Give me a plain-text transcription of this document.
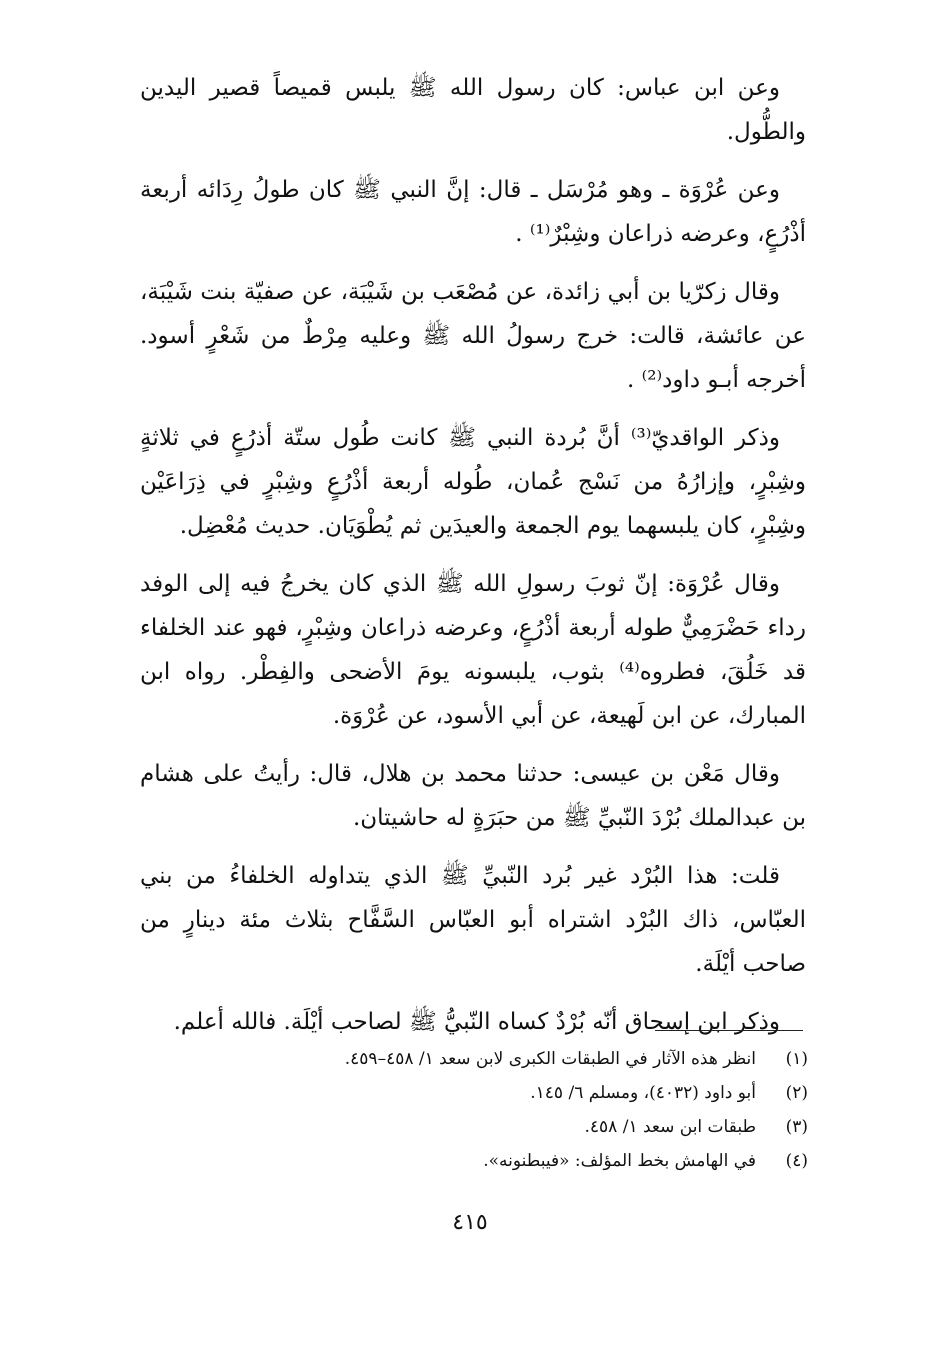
وعن ابن عباس: كان رسول الله ﷺ يلبس قميصاً قصير اليدين والطُّول.

وعن عُرْوَة ـ وهو مُرْسَل ـ قال: إنَّ النبي ﷺ كان طولُ رِدَائه أربعة أذْرُعٍ، وعرضه ذراعان وشِبْرٌ⁽¹⁾ .

وقال زكرّيا بن أبي زائدة، عن مُصْعَب بن شَيْبَة، عن صفيّة بنت شَيْبَة، عن عائشة، قالت: خرج رسولُ الله ﷺ وعليه مِرْطٌ من شَعْرٍ أسود. أخرجه أبـو داود⁽²⁾ .

وذكر الواقديّ⁽³⁾ أنَّ بُردة النبي ﷺ كانت طُول ستّة أذرُعٍ في ثلاثةٍ وشِبْرٍ، وإزارُهُ من نَسْج عُمان، طُوله أربعة أذْرُعٍ وشِبْرٍ في ذِرَاعَيْن وشِبْرٍ، كان يلبسهما يوم الجمعة والعيدَين ثم يُطْوَيَان. حديث مُعْضِل.

وقال عُرْوَة: إنّ ثوبَ رسولِ الله ﷺ الذي كان يخرجُ فيه إلى الوفد رداء حَضْرَمِيٌّ طوله أربعة أذْرُعٍ، وعرضه ذراعان وشِبْرٍ، فهو عند الخلفاء قد خَلُقَ، فطروه⁽⁴⁾ بثوب، يلبسونه يومَ الأضحى والفِطْر. رواه ابن المبارك، عن ابن لَهيعة، عن أبي الأسود، عن عُرْوَة.

وقال مَعْن بن عيسى: حدثنا محمد بن هلال، قال: رأيتُ على هشام بن عبدالملك بُرْدَ النّبيِّ ﷺ من حبَرَةٍ له حاشيتان.

قلت: هذا البُرْد غير بُرد النّبيِّ ﷺ الذي يتداوله الخلفاءُ من بني العبّاس، ذاك البُرْد اشتراه أبو العبّاس السَّفَّاح بثلاث مئة دينارٍ من صاحب أيْلَة.

وذكر ابن إسحاق أنّه بُرْدٌ كساه النّبيُّ ﷺ لصاحب أيْلَة. فالله أعلم.

(١)
انظر هذه الآثار في الطبقات الكبرى لابن سعد ١/ ٤٥٨–٤٥٩.
(٢)
أبو داود (٤٠٣٢)، ومسلم ٦/ ١٤٥.
(٣)
طبقات ابن سعد ١/ ٤٥٨.
(٤)
في الهامش بخط المؤلف: «فيبطنونه».
٤١٥
